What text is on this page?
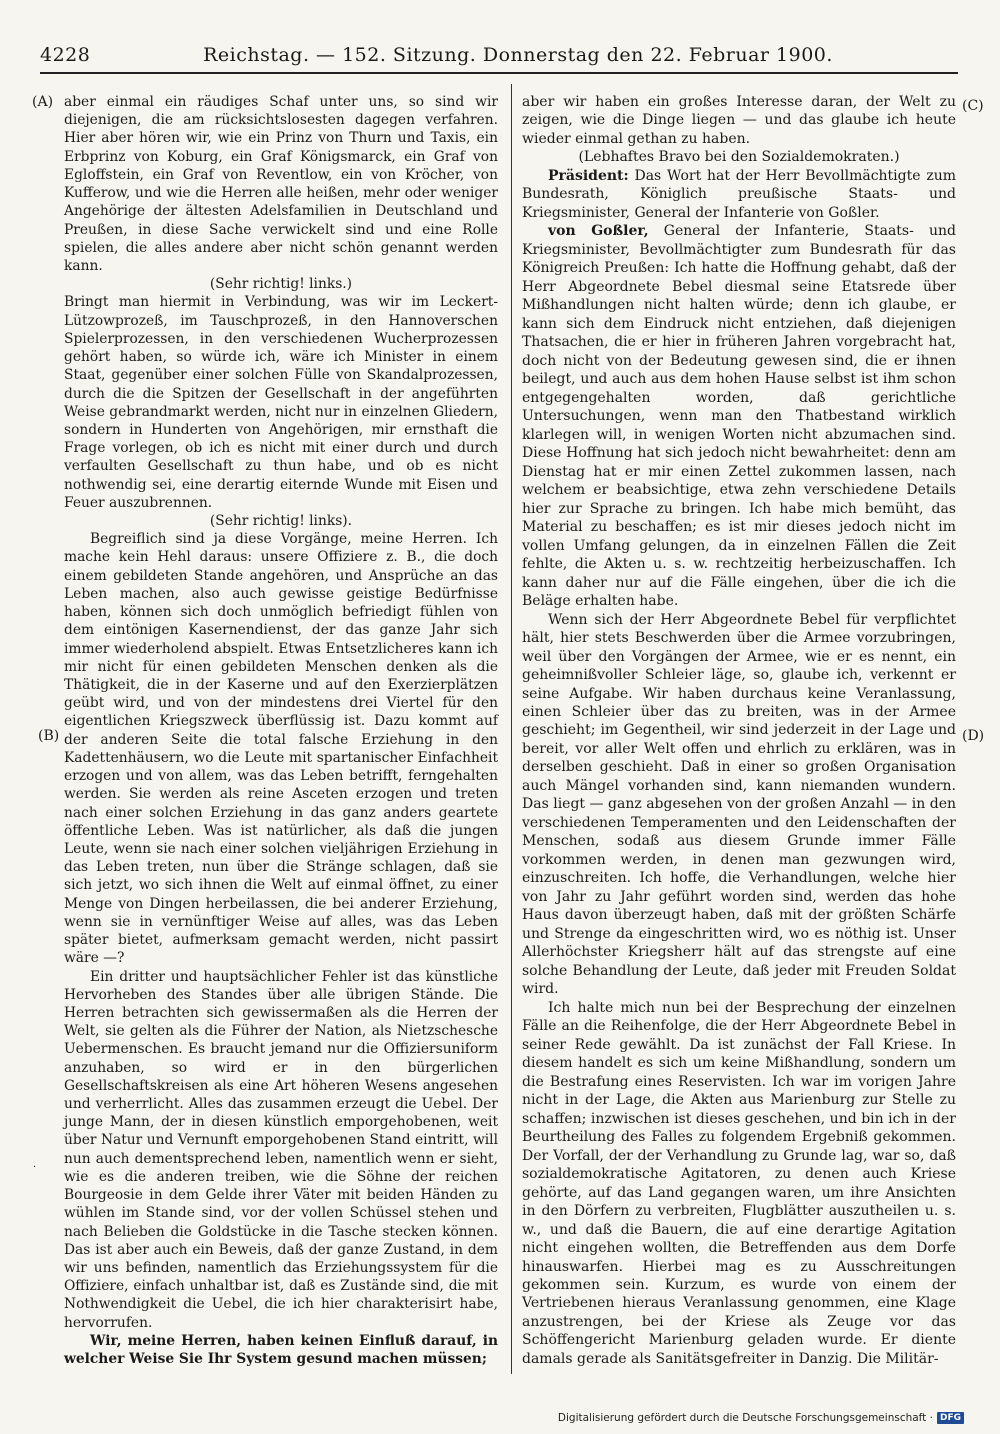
4228	Reichstag. — 152. Sitzung. Donnerstag den 22. Februar 1900.
(A)
(B)
(C)
(D)
·

aber einmal ein räudiges Schaf unter uns, so sind wir diejenigen, die am rücksichtslosesten dagegen verfahren. Hier aber hören wir, wie ein Prinz von Thurn und Taxis, ein Erbprinz von Koburg, ein Graf Königsmarck, ein Graf von Egloffstein, ein Graf von Reventlow, ein von Kröcher, von Kufferow, und wie die Herren alle heißen, mehr oder weniger Angehörige der ältesten Adelsfamilien in Deutschland und Preußen, in diese Sache verwickelt sind und eine Rolle spielen, die alles andere aber nicht schön genannt werden kann.

(Sehr richtig! links.)

Bringt man hiermit in Verbindung, was wir im Leckert-Lützowprozeß, im Tauschprozeß, in den Hannoverschen Spielerprozessen, in den verschiedenen Wucherprozessen gehört haben, so würde ich, wäre ich Minister in einem Staat, gegenüber einer solchen Fülle von Skandalprozessen, durch die die Spitzen der Gesellschaft in der angeführten Weise gebrandmarkt werden, nicht nur in einzelnen Gliedern, sondern in Hunderten von Angehörigen, mir ernsthaft die Frage vorlegen, ob ich es nicht mit einer durch und durch verfaulten Gesellschaft zu thun habe, und ob es nicht nothwendig sei, eine derartig eiternde Wunde mit Eisen und Feuer auszubrennen.

(Sehr richtig! links).

Begreiflich sind ja diese Vorgänge, meine Herren. Ich mache kein Hehl daraus: unsere Offiziere z. B., die doch einem gebildeten Stande angehören, und Ansprüche an das Leben machen, also auch gewisse geistige Bedürfnisse haben, können sich doch unmöglich befriedigt fühlen von dem eintönigen Kasernendienst, der das ganze Jahr sich immer wiederholend abspielt. Etwas Entsetzlicheres kann ich mir nicht für einen gebildeten Menschen denken als die Thätigkeit, die in der Kaserne und auf den Exerzierplätzen geübt wird, und von der mindestens drei Viertel für den eigentlichen Kriegszweck überflüssig ist. Dazu kommt auf der anderen Seite die total falsche Erziehung in den Kadettenhäusern, wo die Leute mit spartanischer Einfachheit erzogen und von allem, was das Leben betrifft, ferngehalten werden. Sie werden als reine Asceten erzogen und treten nach einer solchen Erziehung in das ganz anders geartete öffentliche Leben. Was ist natürlicher, als daß die jungen Leute, wenn sie nach einer solchen vieljährigen Erziehung in das Leben treten, nun über die Stränge schlagen, daß sie sich jetzt, wo sich ihnen die Welt auf einmal öffnet, zu einer Menge von Dingen herbeilassen, die bei anderer Erziehung, wenn sie in vernünftiger Weise auf alles, was das Leben später bietet, aufmerksam gemacht werden, nicht passirt wäre —?

Ein dritter und hauptsächlicher Fehler ist das künstliche Hervorheben des Standes über alle übrigen Stände. Die Herren betrachten sich gewissermaßen als die Herren der Welt, sie gelten als die Führer der Nation, als Nietzschesche Uebermenschen. Es braucht jemand nur die Offiziersuniform anzuhaben, so wird er in den bürgerlichen Gesellschaftskreisen als eine Art höheren Wesens angesehen und verherrlicht. Alles das zusammen erzeugt die Uebel. Der junge Mann, der in diesen künstlich emporgehobenen, weit über Natur und Vernunft emporgehobenen Stand eintritt, will nun auch dementsprechend leben, namentlich wenn er sieht, wie es die anderen treiben, wie die Söhne der reichen Bourgeosie in dem Gelde ihrer Väter mit beiden Händen zu wühlen im Stande sind, vor der vollen Schüssel stehen und nach Belieben die Goldstücke in die Tasche stecken können. Das ist aber auch ein Beweis, daß der ganze Zustand, in dem wir uns befinden, namentlich das Erziehungssystem für die Offiziere, einfach unhaltbar ist, daß es Zustände sind, die mit Nothwendigkeit die Uebel, die ich hier charakterisirt habe, hervorrufen.

Wir, meine Herren, haben keinen Einfluß darauf, in welcher Weise Sie Ihr System gesund machen müssen;

aber wir haben ein großes Interesse daran, der Welt zu zeigen, wie die Dinge liegen — und das glaube ich heute wieder einmal gethan zu haben.

(Lebhaftes Bravo bei den Sozialdemokraten.)

Präsident: Das Wort hat der Herr Bevollmächtigte zum Bundesrath, Königlich preußische Staats- und Kriegsminister, General der Infanterie von Goßler.

von Goßler, General der Infanterie, Staats- und Kriegsminister, Bevollmächtigter zum Bundesrath für das Königreich Preußen: Ich hatte die Hoffnung gehabt, daß der Herr Abgeordnete Bebel diesmal seine Etatsrede über Mißhandlungen nicht halten würde; denn ich glaube, er kann sich dem Eindruck nicht entziehen, daß diejenigen Thatsachen, die er hier in früheren Jahren vorgebracht hat, doch nicht von der Bedeutung gewesen sind, die er ihnen beilegt, und auch aus dem hohen Hause selbst ist ihm schon entgegengehalten worden, daß gerichtliche Untersuchungen, wenn man den Thatbestand wirklich klarlegen will, in wenigen Worten nicht abzumachen sind. Diese Hoffnung hat sich jedoch nicht bewahrheitet: denn am Dienstag hat er mir einen Zettel zukommen lassen, nach welchem er beabsichtige, etwa zehn verschiedene Details hier zur Sprache zu bringen. Ich habe mich bemüht, das Material zu beschaffen; es ist mir dieses jedoch nicht im vollen Umfang gelungen, da in einzelnen Fällen die Zeit fehlte, die Akten u. s. w. rechtzeitig herbeizuschaffen. Ich kann daher nur auf die Fälle eingehen, über die ich die Beläge erhalten habe.

Wenn sich der Herr Abgeordnete Bebel für verpflichtet hält, hier stets Beschwerden über die Armee vorzubringen, weil über den Vorgängen der Armee, wie er es nennt, ein geheimnißvoller Schleier läge, so, glaube ich, verkennt er seine Aufgabe. Wir haben durchaus keine Veranlassung, einen Schleier über das zu breiten, was in der Armee geschieht; im Gegentheil, wir sind jederzeit in der Lage und bereit, vor aller Welt offen und ehrlich zu erklären, was in derselben geschieht. Daß in einer so großen Organisation auch Mängel vorhanden sind, kann niemanden wundern. Das liegt — ganz abgesehen von der großen Anzahl — in den verschiedenen Temperamenten und den Leidenschaften der Menschen, sodaß aus diesem Grunde immer Fälle vorkommen werden, in denen man gezwungen wird, einzuschreiten. Ich hoffe, die Verhandlungen, welche hier von Jahr zu Jahr geführt worden sind, werden das hohe Haus davon überzeugt haben, daß mit der größten Schärfe und Strenge da eingeschritten wird, wo es nöthig ist. Unser Allerhöchster Kriegsherr hält auf das strengste auf eine solche Behandlung der Leute, daß jeder mit Freuden Soldat wird.

Ich halte mich nun bei der Besprechung der einzelnen Fälle an die Reihenfolge, die der Herr Abgeordnete Bebel in seiner Rede gewählt. Da ist zunächst der Fall Kriese. In diesem handelt es sich um keine Mißhandlung, sondern um die Bestrafung eines Reservisten. Ich war im vorigen Jahre nicht in der Lage, die Akten aus Marienburg zur Stelle zu schaffen; inzwischen ist dieses geschehen, und bin ich in der Beurtheilung des Falles zu folgendem Ergebniß gekommen. Der Vorfall, der der Verhandlung zu Grunde lag, war so, daß sozialdemokratische Agitatoren, zu denen auch Kriese gehörte, auf das Land gegangen waren, um ihre Ansichten in den Dörfern zu verbreiten, Flugblätter auszutheilen u. s. w., und daß die Bauern, die auf eine derartige Agitation nicht eingehen wollten, die Betreffenden aus dem Dorfe hinauswarfen. Hierbei mag es zu Ausschreitungen gekommen sein. Kurzum, es wurde von einem der Vertriebenen hieraus Veranlassung genommen, eine Klage anzustrengen, bei der Kriese als Zeuge vor das Schöffengericht Marienburg geladen wurde. Er diente damals gerade als Sanitätsgefreiter in Danzig. Die Militär-

Digitalisierung gefördert durch die Deutsche Forschungsgemeinschaft · DFG
